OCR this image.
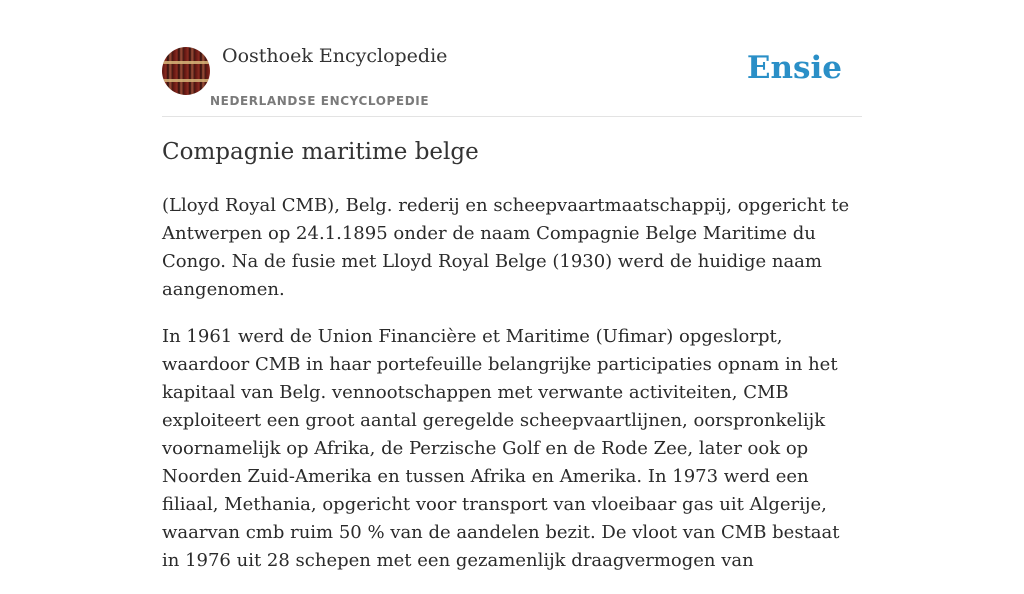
Oosthoek Encyclopedie
NEDERLANDSE ENCYCLOPEDIE
Ensie
Compagnie maritime belge

(Lloyd Royal CMB), Belg. rederij en scheepvaartmaatschappij, opgericht te Antwerpen op 24.1.1895 onder de naam Compagnie Belge Maritime du Congo. Na de fusie met Lloyd Royal Belge (1930) werd de huidige naam aangenomen.

In 1961 werd de Union Financière et Maritime (Ufimar) opgeslorpt, waardoor CMB in haar portefeuille belangrijke participaties opnam in het kapitaal van Belg. vennootschappen met verwante activiteiten, CMB exploiteert een groot aantal geregelde scheepvaartlijnen, oorspronkelijk voornamelijk op Afrika, de Perzische Golf en de Rode Zee, later ook op Noorden Zuid-Amerika en tussen Afrika en Amerika. In 1973 werd een filiaal, Methania, opgericht voor transport van vloeibaar gas uit Algerije, waarvan cmb ruim 50 % van de aandelen bezit. De vloot van CMB bestaat in 1976 uit 28 schepen met een gezamenlijk draagvermogen van
